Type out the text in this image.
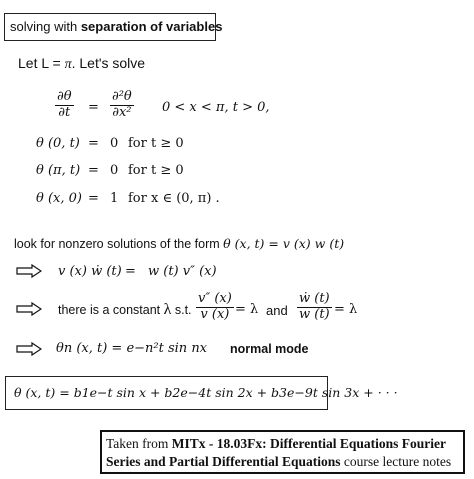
solving with separation of variables
Let L = π. Let's solve
$\frac{\partial\theta}{\partial t} = \frac{\text{∂²θ}}{\text{∂x²}} 0 < x < \pi$, t > 0,
θ (0, t) = 0 for t ≥ 0
θ (π, t) = 0 for t ≥ 0
θ (x, 0) = 1 for x ∈ (0, π) .
look for nonzero solutions of the form θ (x, t) = v (x) w (t)
v (x) ẇ (t) = w (t) v″ (x)
there is a constant λ s.t. $\frac{v'' (x)}{v (x)} = \lambda$ and $\frac{\text{ẇ (t)}}{w (t)} = \lambda$
θn (x, t) = e−n²t sin nx normal mode
θ (x, t) = b1e−t sin x + b2e−4t sin 2x + b3e−9t sin 3x + · · ·
Taken from MITx - 18.03Fx: Differential Equations Fourier Series and Partial Differential Equations course lecture notes
